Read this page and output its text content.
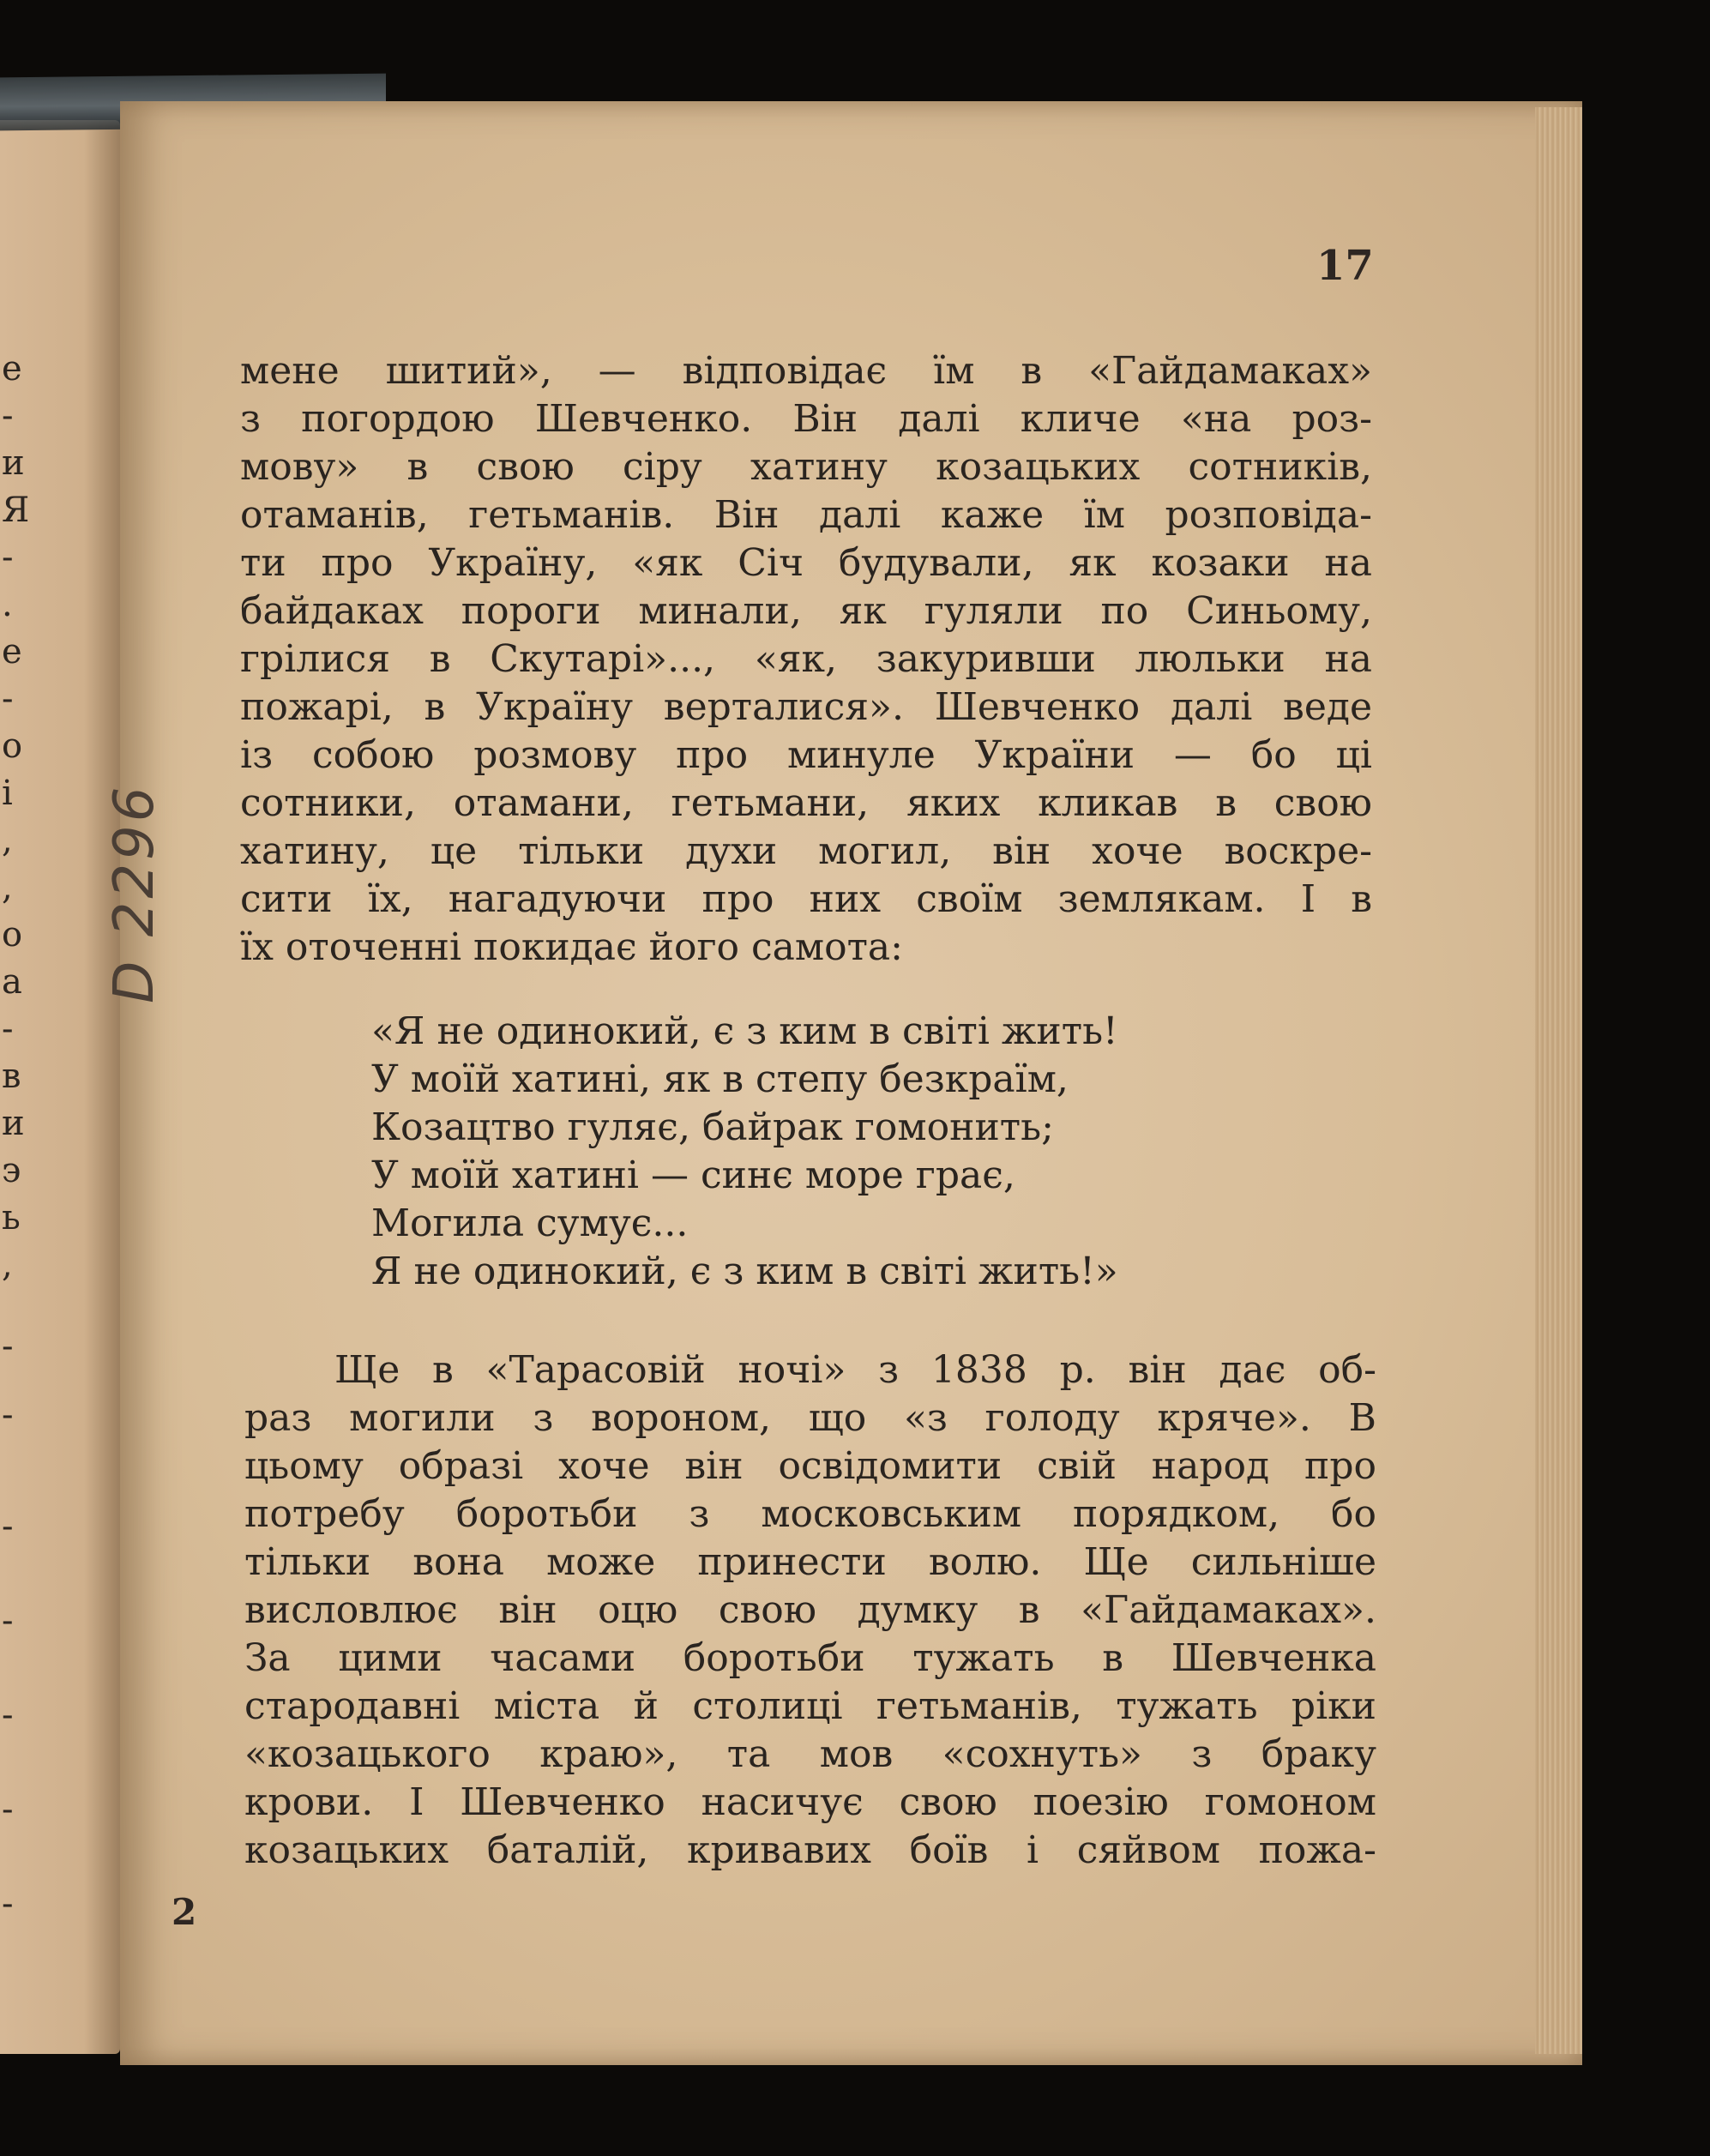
е
-
и
Я
-
.
е
-
о
і
,
,
о
а
-
в
и
э
ь
,
-
-
-
-
-
-
-
17
D 2296
мене шитий», — відповідає їм в «Гайдамаках»
з погордою Шевченко. Він далі кличе «на роз-
мову» в свою сіру хатину козацьких сотників,
отаманів, гетьманів. Він далі каже їм розповіда-
ти про Україну, «як Січ будували, як козаки на
байдаках пороги минали, як гуляли по Синьому,
грілися в Скутарі»..., «як, закуривши люльки на
пожарі, в Україну верталися». Шевченко далі веде
із собою розмову про минуле України — бо ці
сотники, отамани, гетьмани, яких кликав в свою
хатину, це тільки духи могил, він хоче воскре-
сити їх, нагадуючи про них своїм землякам. І в
їх оточенні покидає його самота:
«Я не одинокий, є з ким в світі жить!
У моїй хатині, як в степу безкраїм,
Козацтво гуляє, байрак гомонить;
У моїй хатині — синє море грає,
Могила сумує...
Я не одинокий, є з ким в світі жить!»
Ще в «Тарасовій ночі» з 1838 р. він дає об-
раз могили з вороном, що «з голоду кряче». В
цьому образі хоче він освідомити свій народ про
потребу боротьби з московським порядком, бо
тільки вона може принести волю. Ще сильніше
висловлює він оцю свою думку в «Гайдамаках».
За цими часами боротьби тужать в Шевченка
стародавні міста й столиці гетьманів, тужать ріки
«козацького краю», та мов «сохнуть» з браку
крови. І Шевченко насичує свою поезію гомоном
козацьких баталій, кривавих боїв і сяйвом пожа-
2
